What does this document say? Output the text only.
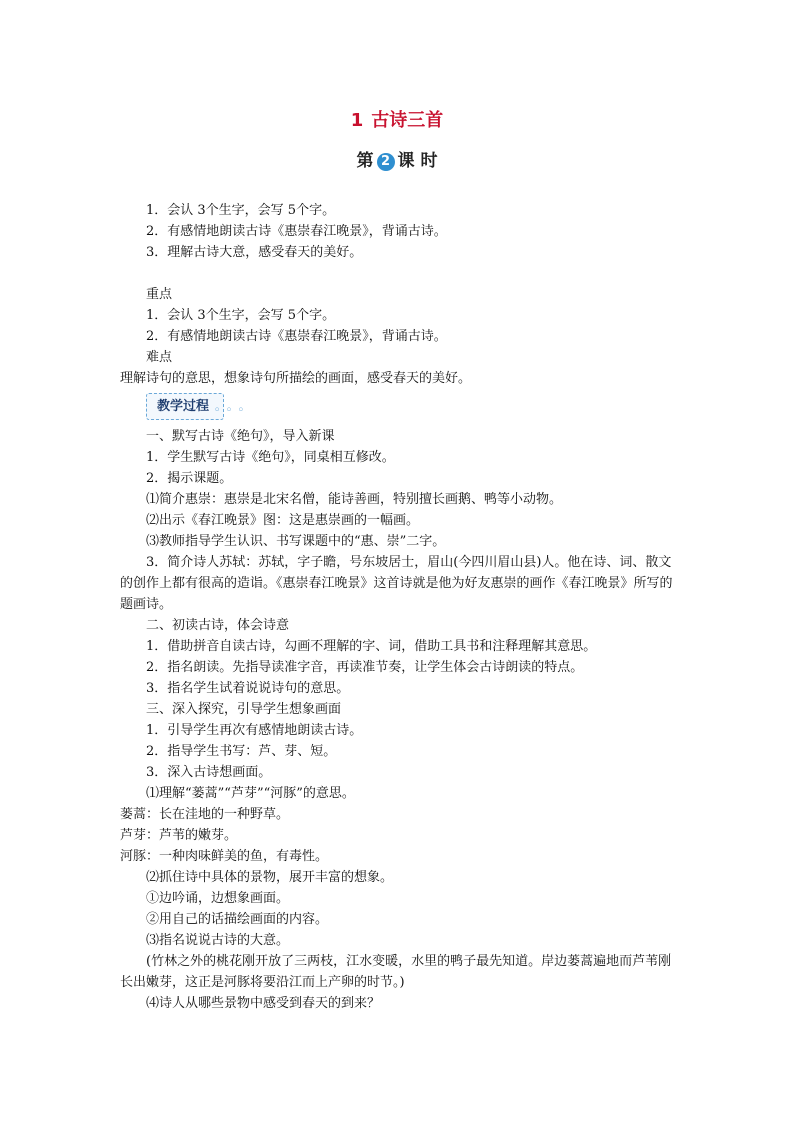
1 古诗三首
第 2 课 时

1．会认 3个生字，会写 5个字。

2．有感情地朗读古诗《惠崇春江晚景》，背诵古诗。

3．理解古诗大意，感受春天的美好。

重点

1．会认 3个生字，会写 5个字。

2．有感情地朗读古诗《惠崇春江晚景》，背诵古诗。

难点

理解诗句的意思，想象诗句所描绘的画面，感受春天的美好。

教学过程 ◦ ◦ ◦

一、默写古诗《绝句》，导入新课

1．学生默写古诗《绝句》，同桌相互修改。

2．揭示课题。

⑴简介惠崇：惠崇是北宋名僧，能诗善画，特别擅长画鹅、鸭等小动物。

⑵出示《春江晚景》图：这是惠崇画的一幅画。

⑶教师指导学生认识、书写课题中的“惠、崇”二字。

3．简介诗人苏轼：苏轼，字子瞻，号东坡居士，眉山(今四川眉山县)人。他在诗、词、散文的创作上都有很高的造诣。《惠崇春江晚景》这首诗就是他为好友惠崇的画作《春江晚景》所写的题画诗。

二、初读古诗，体会诗意

1．借助拼音自读古诗，勾画不理解的字、词，借助工具书和注释理解其意思。

2．指名朗读。先指导读准字音，再读准节奏，让学生体会古诗朗读的特点。

3．指名学生试着说说诗句的意思。

三、深入探究，引导学生想象画面

1．引导学生再次有感情地朗读古诗。

2．指导学生书写：芦、芽、短。

3．深入古诗想画面。

⑴理解“蒌蒿”“芦芽”“河豚”的意思。

蒌蒿：长在洼地的一种野草。

芦芽：芦苇的嫩芽。

河豚：一种肉味鲜美的鱼，有毒性。

⑵抓住诗中具体的景物，展开丰富的想象。

①边吟诵，边想象画面。

②用自己的话描绘画面的内容。

⑶指名说说古诗的大意。

(竹林之外的桃花刚开放了三两枝，江水变暖，水里的鸭子最先知道。岸边蒌蒿遍地而芦苇刚长出嫩芽，这正是河豚将要沿江而上产卵的时节。)

⑷诗人从哪些景物中感受到春天的到来？
